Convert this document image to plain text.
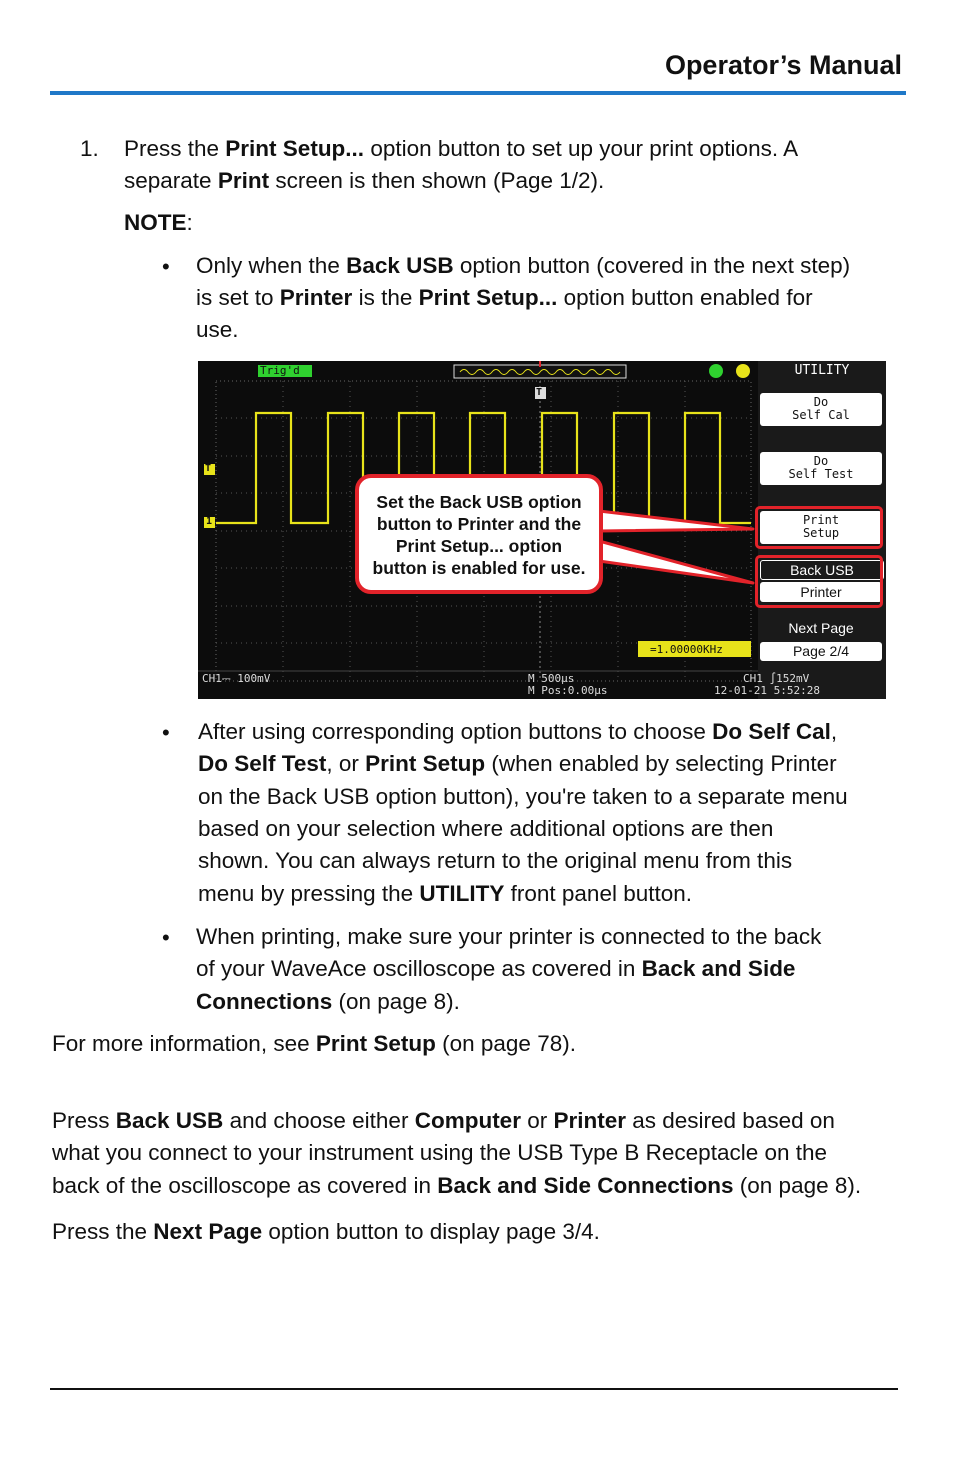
Operator’s Manual
1. Press the Print Setup... option button to set up your print options. A
separate Print screen is then shown (Page 1/2).
NOTE:
• Only when the Back USB option button (covered in the next step)
is set to Printer is the Print Setup... option button enabled for
use.
Trig'd
T
1
T
UTILITY
Do
Self Cal
Do
Self Test
Print
Setup
Back USB
Printer
Next Page
Page 2/4
Set the Back USB option
button to Printer and the
Print Setup... option
button is enabled for use.
=1.00000KHz
CH1⎓ 100mV	M 500μs
M Pos:0.00μs
CH1 ∫152mV
12-01-21 5:52:28
• After using corresponding option buttons to choose Do Self Cal,
Do Self Test, or Print Setup (when enabled by selecting Printer
on the Back USB option button), you're taken to a separate menu
based on your selection where additional options are then
shown. You can always return to the original menu from this
menu by pressing the UTILITY front panel button.
• When printing, make sure your printer is connected to the back
of your WaveAce oscilloscope as covered in Back and Side
Connections (on page 8).
For more information, see Print Setup (on page 78).
Press Back USB and choose either Computer or Printer as desired based on
what you connect to your instrument using the USB Type B Receptacle on the
back of the oscilloscope as covered in Back and Side Connections (on page 8).
Press the Next Page option button to display page 3/4.
